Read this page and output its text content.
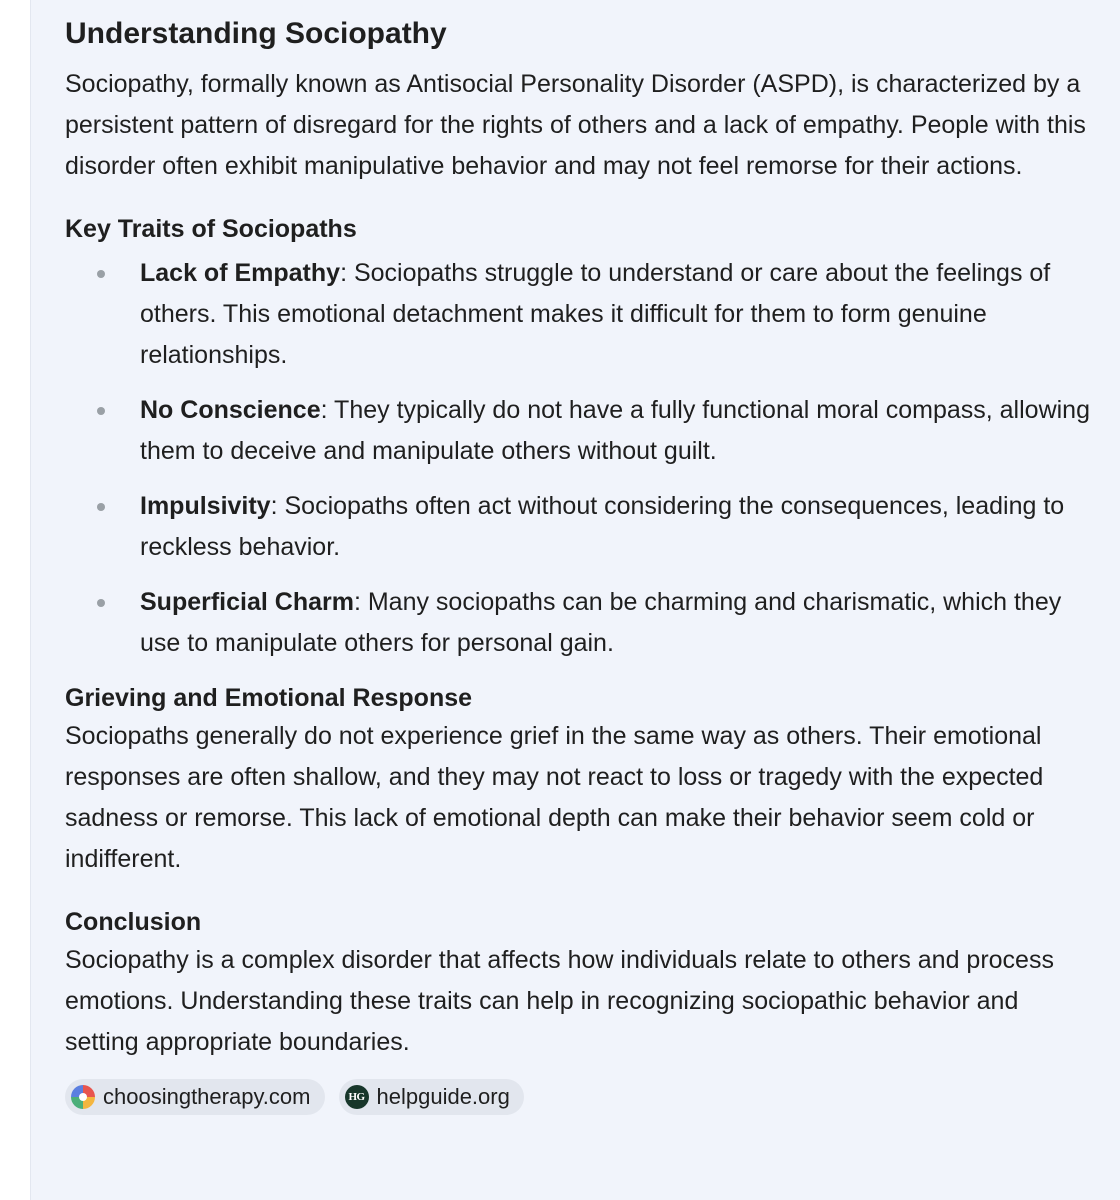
Understanding Sociopathy

Sociopathy, formally known as Antisocial Personality Disorder (ASPD), is characterized by a persistent pattern of disregard for the rights of others and a lack of empathy. People with this disorder often exhibit manipulative behavior and may not feel remorse for their actions.

Key Traits of Sociopaths
Lack of Empathy: Sociopaths struggle to understand or care about the feelings of others. This emotional detachment makes it difficult for them to form genuine relationships.
No Conscience: They typically do not have a fully functional moral compass, allowing them to deceive and manipulate others without guilt.
Impulsivity: Sociopaths often act without considering the consequences, leading to reckless behavior.
Superficial Charm: Many sociopaths can be charming and charismatic, which they use to manipulate others for personal gain.
Grieving and Emotional Response

Sociopaths generally do not experience grief in the same way as others. Their emotional responses are often shallow, and they may not react to loss or tragedy with the expected sadness or remorse. This lack of emotional depth can make their behavior seem cold or indifferent.

Conclusion

Sociopathy is a complex disorder that affects how individuals relate to others and process emotions. Understanding these traits can help in recognizing sociopathic behavior and setting appropriate boundaries.

choosingtherapy.com	HG helpguide.org
